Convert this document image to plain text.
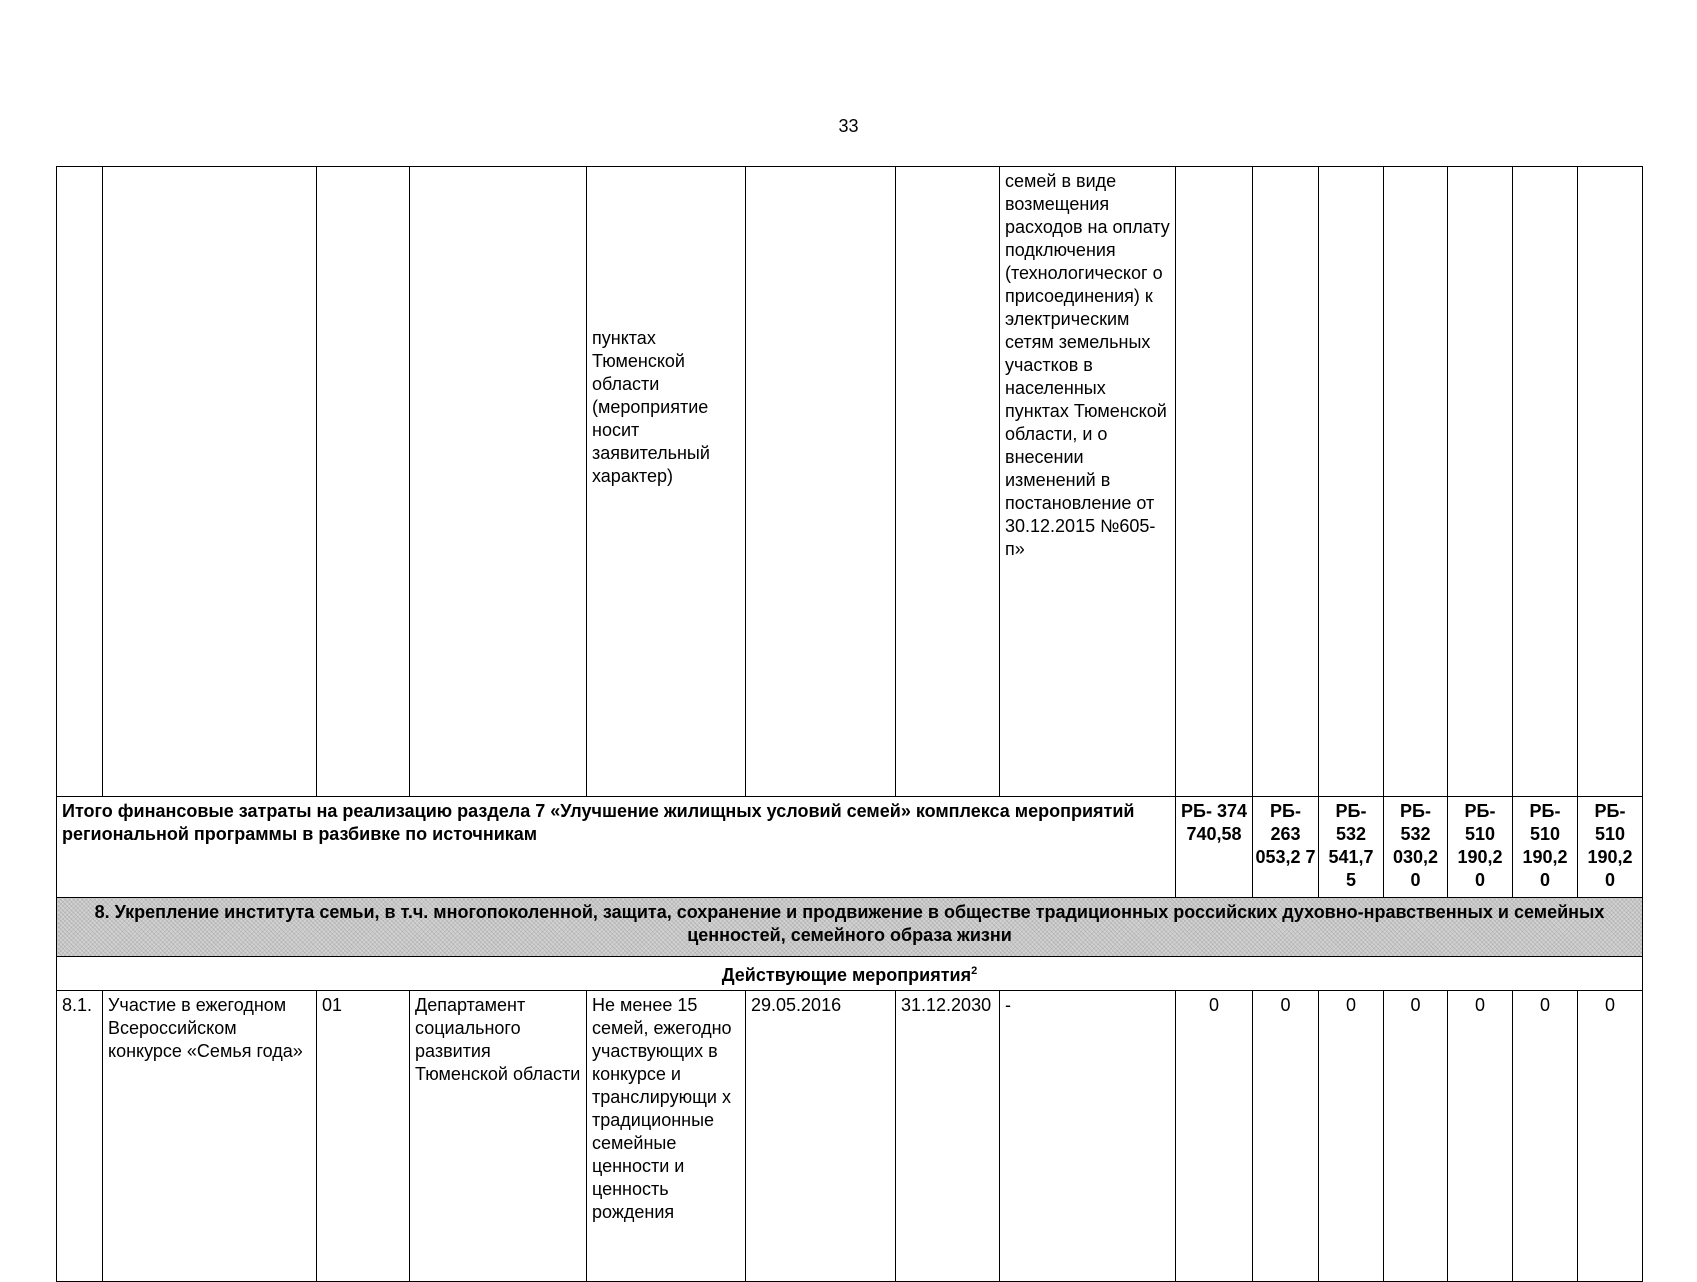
33
				пунктах Тюменской области (мероприятие носит заявительный характер)			семей в виде возмещения расходов на оплату подключения (технологическог о присоединения) к электрическим сетям земельных участков в населенных пунктах Тюменской области, и о внесении изменений в постановление от 30.12.2015 №605-п»							
Итого финансовые затраты на реализацию раздела 7 «Улучшение жилищных условий семей» комплекса мероприятий региональной программы в разбивке по источникам								РБ- 374 740,58	РБ- 263 053,2 7	РБ- 532 541,7 5	РБ- 532 030,2 0	РБ- 510 190,2 0	РБ- 510 190,2 0	РБ- 510 190,2 0
8. Укрепление института семьи, в т.ч. многопоколенной, защита, сохранение и продвижение в обществе традиционных российских духовно-нравственных и семейных ценностей, семейного образа жизни														
Действующие мероприятия$^2$
8.1.	Участие в ежегодном Всероссийском конкурсе «Семья года»	01	Департамент социального развития Тюменской области	Не менее 15 семей, ежегодно участвующих в конкурсе и транслирующи х традиционные семейные ценности и ценность рождения	29.05.2016	31.12.2030	-	0	0	0	0	0	0	0
